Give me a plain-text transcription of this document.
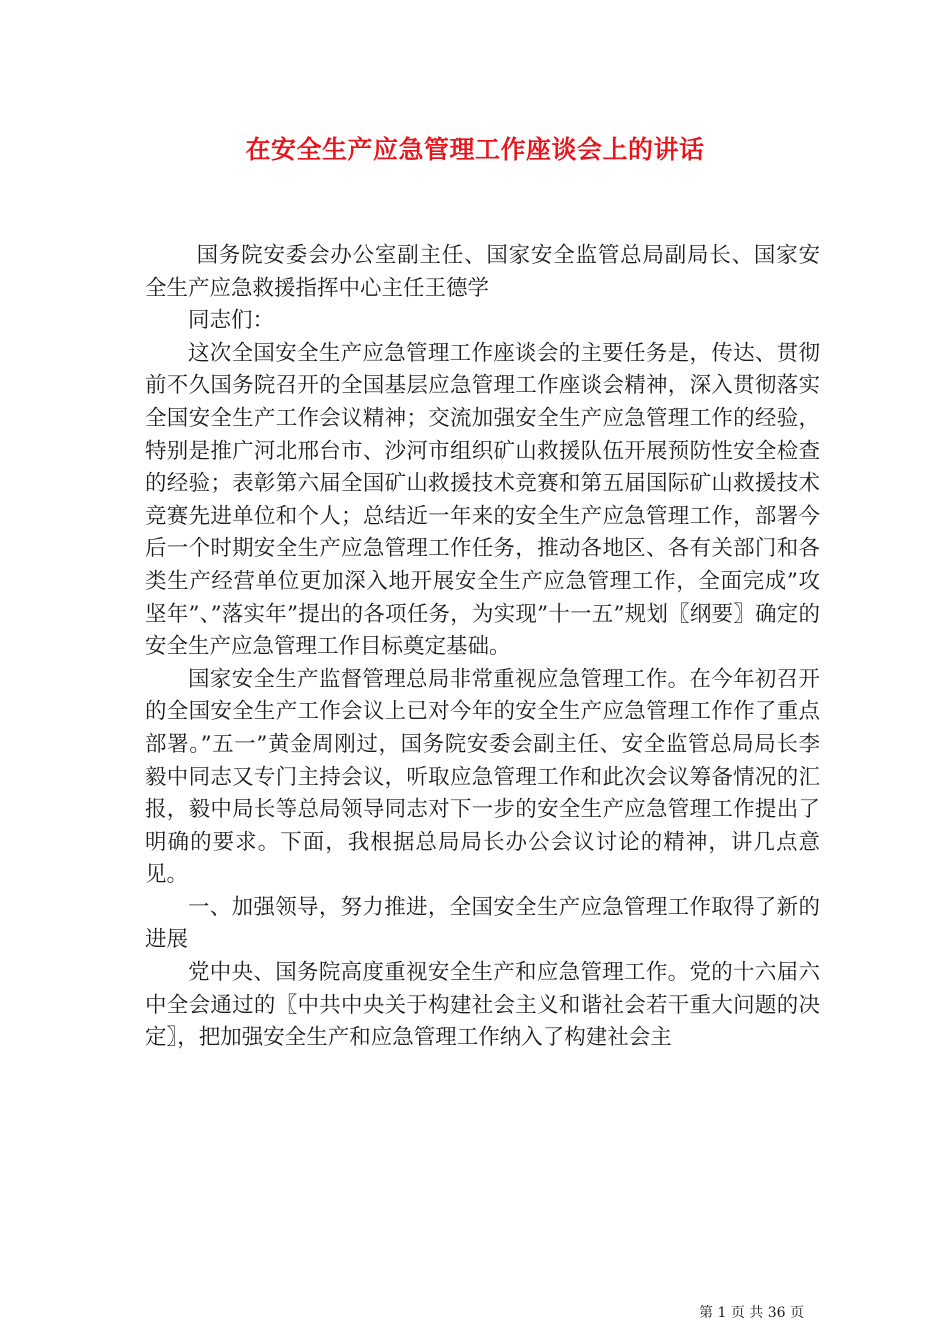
在安全生产应急管理工作座谈会上的讲话

国务院安委会办公室副主任、国家安全监管总局副局长、国家安全生产应急救援指挥中心主任王德学

同志们：

这次全国安全生产应急管理工作座谈会的主要任务是，传达、贯彻前不久国务院召开的全国基层应急管理工作座谈会精神，深入贯彻落实全国安全生产工作会议精神；交流加强安全生产应急管理工作的经验，特别是推广河北邢台市、沙河市组织矿山救援队伍开展预防性安全检查的经验；表彰第六届全国矿山救援技术竞赛和第五届国际矿山救援技术竞赛先进单位和个人；总结近一年来的安全生产应急管理工作，部署今后一个时期安全生产应急管理工作任务，推动各地区、各有关部门和各类生产经营单位更加深入地开展安全生产应急管理工作，全面完成”攻坚年”、”落实年”提出的各项任务，为实现”十一五”规划〖纲要〗确定的安全生产应急管理工作目标奠定基础。

国家安全生产监督管理总局非常重视应急管理工作。在今年初召开的全国安全生产工作会议上已对今年的安全生产应急管理工作作了重点部署。”五一”黄金周刚过，国务院安委会副主任、安全监管总局局长李毅中同志又专门主持会议，听取应急管理工作和此次会议筹备情况的汇报，毅中局长等总局领导同志对下一步的安全生产应急管理工作提出了明确的要求。下面，我根据总局局长办公会议讨论的精神，讲几点意见。

一、加强领导，努力推进，全国安全生产应急管理工作取得了新的进展

党中央、国务院高度重视安全生产和应急管理工作。党的十六届六中全会通过的〖中共中央关于构建社会主义和谐社会若干重大问题的决定〗，把加强安全生产和应急管理工作纳入了构建社会主

第 1 页 共 36 页
